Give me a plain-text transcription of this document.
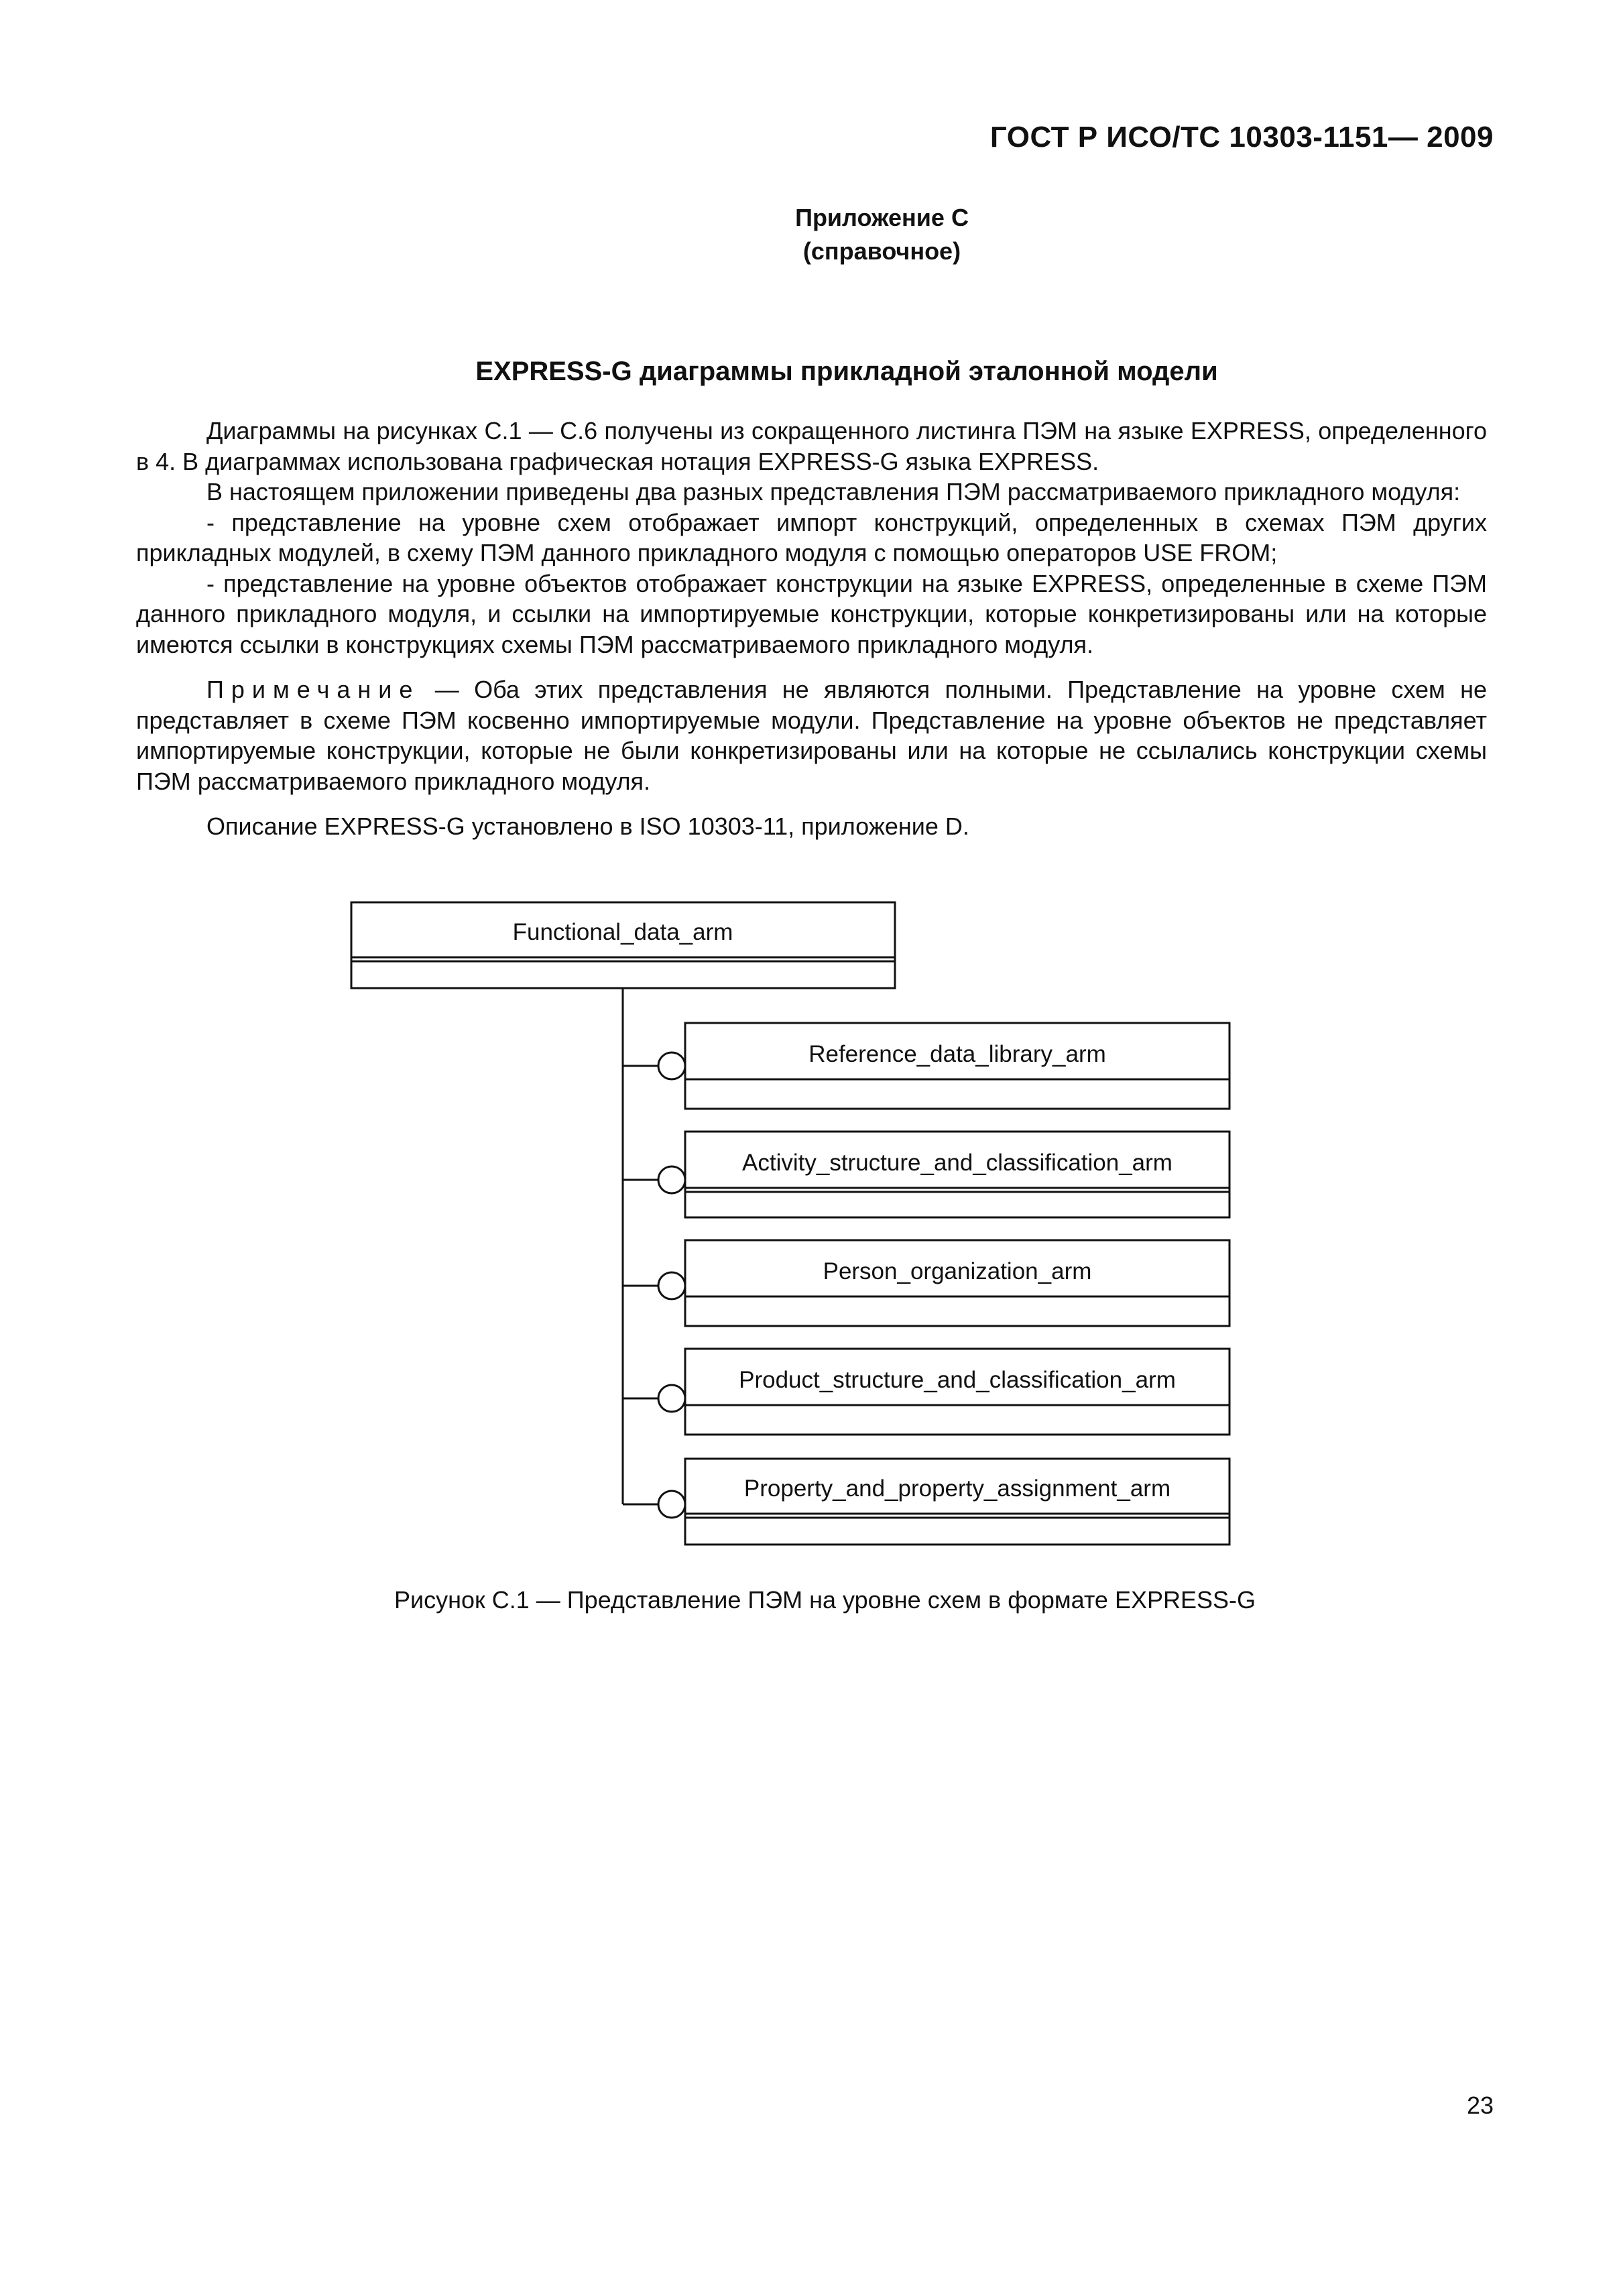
ГОСТ Р ИСО/ТС 10303-1151— 2009
Приложение С
(справочное)
EXPRESS-G диаграммы прикладной эталонной модели

Диаграммы на рисунках С.1 — С.6 получены из сокращенного листинга ПЭМ на языке EXPRESS, определенного в 4. В диаграммах использована графическая нотация EXPRESS-G языка EXPRESS.

В настоящем приложении приведены два разных представления ПЭМ рассматриваемого прикладного модуля:

- представление на уровне схем отображает импорт конструкций, определенных в схемах ПЭМ других прикладных модулей, в схему ПЭМ данного прикладного модуля с помощью операторов USE FROM;

- представление на уровне объектов отображает конструкции на языке EXPRESS, определенные в схеме ПЭМ данного прикладного модуля, и ссылки на импортируемые конструкции, которые конкретизированы или на которые имеются ссылки в конструкциях схемы ПЭМ рассматриваемого прикладного модуля.

Примечание — Оба этих представления не являются полными. Представление на уровне схем не представляет в схеме ПЭМ косвенно импортируемые модули. Представление на уровне объектов не представляет импортируемые конструкции, которые не были конкретизированы или на которые не ссылались конструкции схемы ПЭМ рассматриваемого прикладного модуля.

Описание EXPRESS-G установлено в ISO 10303-11, приложение D.

Functional_data_arm
Reference_data_library_arm
Activity_structure_and_classification_arm
Person_organization_arm
Product_structure_and_classification_arm
Property_and_property_assignment_arm
Рисунок С.1 — Представление ПЭМ на уровне схем в формате EXPRESS-G
23
